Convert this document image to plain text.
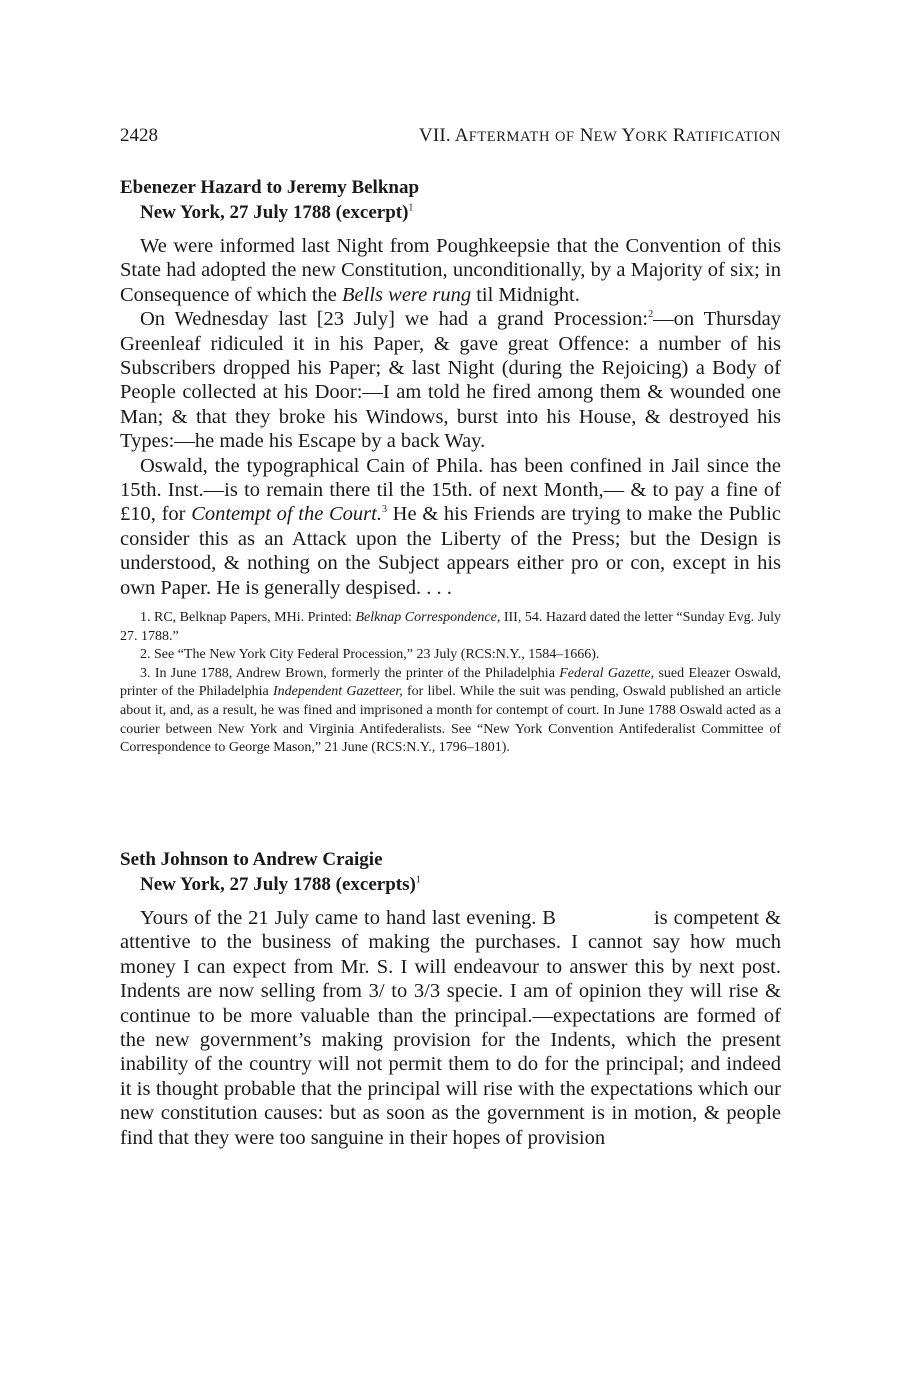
2428	VII. AFTERMATH OF NEW YORK RATIFICATION
Ebenezer Hazard to Jeremy Belknap
New York, 27 July 1788 (excerpt)$^1$

We were informed last Night from Poughkeepsie that the Convention of this State had adopted the new Constitution, unconditionally, by a Majority of six; in Consequence of which the Bells were rung til Midnight.

On Wednesday last [23 July] we had a grand Procession:$^2$—on Thursday Greenleaf ridiculed it in his Paper, & gave great Offence: a number of his Subscribers dropped his Paper; & last Night (during the Rejoicing) a Body of People collected at his Door:—I am told he fired among them & wounded one Man; & that they broke his Windows, burst into his House, & destroyed his Types:—he made his Escape by a back Way.

Oswald, the typographical Cain of Phila. has been confined in Jail since the 15th. Inst.—is to remain there til the 15th. of next Month,— & to pay a fine of £10, for Contempt of the Court.$^3$ He & his Friends are trying to make the Public consider this as an Attack upon the Liberty of the Press; but the Design is understood, & nothing on the Subject appears either pro or con, except in his own Paper. He is generally despised. . . .

1. RC, Belknap Papers, MHi. Printed: Belknap Correspondence, III, 54. Hazard dated the letter “Sunday Evg. July 27. 1788.”

2. See “The New York City Federal Procession,” 23 July (RCS:N.Y., 1584–1666).

3. In June 1788, Andrew Brown, formerly the printer of the Philadelphia Federal Gazette, sued Eleazer Oswald, printer of the Philadelphia Independent Gazetteer, for libel. While the suit was pending, Oswald published an article about it, and, as a result, he was fined and imprisoned a month for contempt of court. In June 1788 Oswald acted as a courier between New York and Virginia Antifederalists. See “New York Convention Antifederalist Committee of Correspondence to George Mason,” 21 June (RCS:N.Y., 1796–1801).

Seth Johnson to Andrew Craigie
New York, 27 July 1788 (excerpts)$^1$

Yours of the 21 July came to hand last evening. B	is competent & attentive to the business of making the purchases. I cannot say how much money I can expect from Mr. S. I will endeavour to answer this by next post. Indents are now selling from 3/ to 3/3 specie. I am of opinion they will rise & continue to be more valuable than the principal.—expectations are formed of the new government’s making provision for the Indents, which the present inability of the country will not permit them to do for the principal; and indeed it is thought probable that the principal will rise with the expectations which our new constitution causes: but as soon as the government is in motion, & people find that they were too sanguine in their hopes of provision
